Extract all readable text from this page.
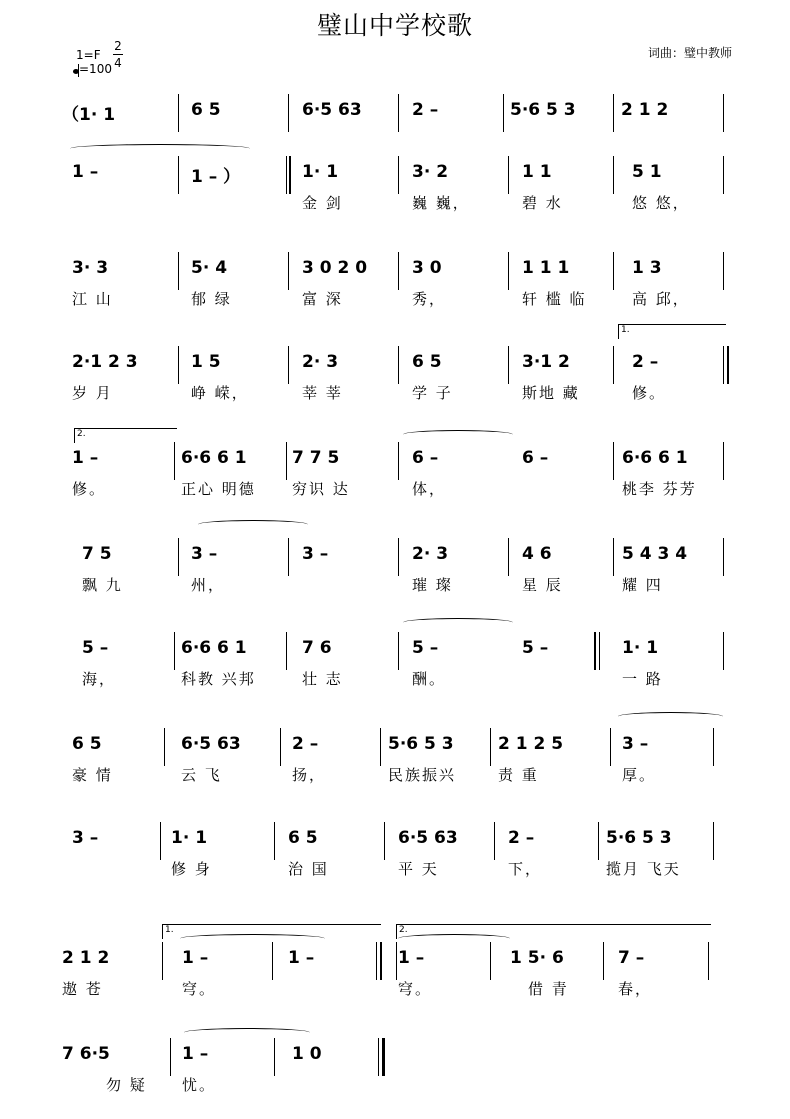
璧山中学校歌
词曲：璧中教师
1=F
2
4
=100
（1· 1	6 5	6·5 63	2 –	5·6 5 3	2 1 2
1 –	1 – ）	1· 1	3· 2	1 1	5 1
金 剑	巍 巍，	碧 水	悠 悠，
3· 3	5· 4	3 0 2 0	3 0	1 1 1	1 3
江 山	郁 绿	富 深	秀，	轩 槛 临	高 邱，
1.
2·1 2 3	1 5	2· 3	6 5	3·1 2	2 –
岁 月	峥 嵘，	莘 莘	学 子	斯地 藏	修。
2.
1 –	6·6 6 1	7 7 5	6 –	6 –	6·6 6 1
修。	正心 明德 穷识 达	体，	桃李 芬芳
7 5	3 –	3 –	2· 3	4 6	5 4 3 4
飘 九	州，	璀 璨	星 辰	耀 四
5 –	6·6 6 1	7 6	5 –	5 –	1· 1
海，	科教 兴邦	壮 志	酬。	一 路
6 5	6·5 63	2 –	5·6 5 3	2 1 2 5	3 –
豪 情	云 飞	扬，	民族振兴	责 重	厚。
3 –	1· 1	6 5	6·5 63	2 –	5·6 5 3
修 身	治 国	平 天	下，	揽月 飞天
1.	2.
2 1 2	1 –	1 –	1 –	1 5· 6	7 –
遨 苍	穹。	穹。	借 青	春，
7 6·5	1 –	1 0
勿 疑 忧。
